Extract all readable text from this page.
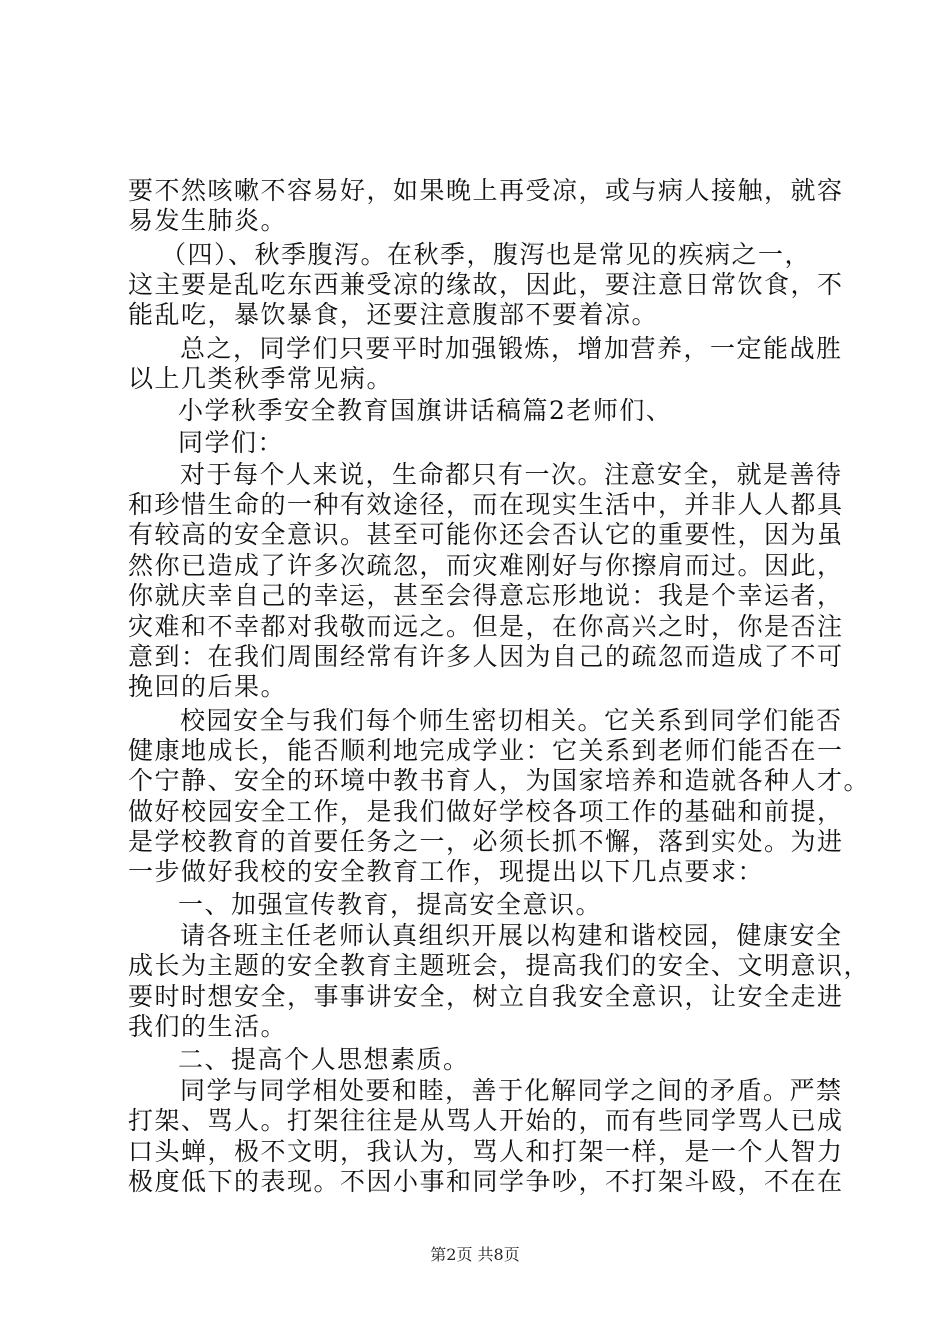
要不然咳嗽不容易好，如果晚上再受凉，或与病人接触，就容
易发生肺炎。
（四）、秋季腹泻。在秋季，腹泻也是常见的疾病之一，
这主要是乱吃东西兼受凉的缘故，因此，要注意日常饮食，不
能乱吃，暴饮暴食，还要注意腹部不要着凉。
总之，同学们只要平时加强锻炼，增加营养，一定能战胜
以上几类秋季常见病。
小学秋季安全教育国旗讲话稿篇2老师们、
同学们：
对于每个人来说，生命都只有一次。注意安全，就是善待
和珍惜生命的一种有效途径，而在现实生活中，并非人人都具
有较高的安全意识。甚至可能你还会否认它的重要性，因为虽
然你已造成了许多次疏忽，而灾难刚好与你擦肩而过。因此，
你就庆幸自己的幸运，甚至会得意忘形地说：我是个幸运者，
灾难和不幸都对我敬而远之。但是，在你高兴之时，你是否注
意到：在我们周围经常有许多人因为自己的疏忽而造成了不可
挽回的后果。
校园安全与我们每个师生密切相关。它关系到同学们能否
健康地成长，能否顺利地完成学业：它关系到老师们能否在一
个宁静、安全的环境中教书育人，为国家培养和造就各种人才。
做好校园安全工作，是我们做好学校各项工作的基础和前提，
是学校教育的首要任务之一，必须长抓不懈，落到实处。为进
一步做好我校的安全教育工作，现提出以下几点要求：
一、加强宣传教育，提高安全意识。
请各班主任老师认真组织开展以构建和谐校园，健康安全
成长为主题的安全教育主题班会，提高我们的安全、文明意识，
要时时想安全，事事讲安全，树立自我安全意识，让安全走进
我们的生活。
二、提高个人思想素质。
同学与同学相处要和睦，善于化解同学之间的矛盾。严禁
打架、骂人。打架往往是从骂人开始的，而有些同学骂人已成
口头蝉，极不文明，我认为，骂人和打架一样，是一个人智力
极度低下的表现。不因小事和同学争吵，不打架斗殴，不在在
第2页 共8页
